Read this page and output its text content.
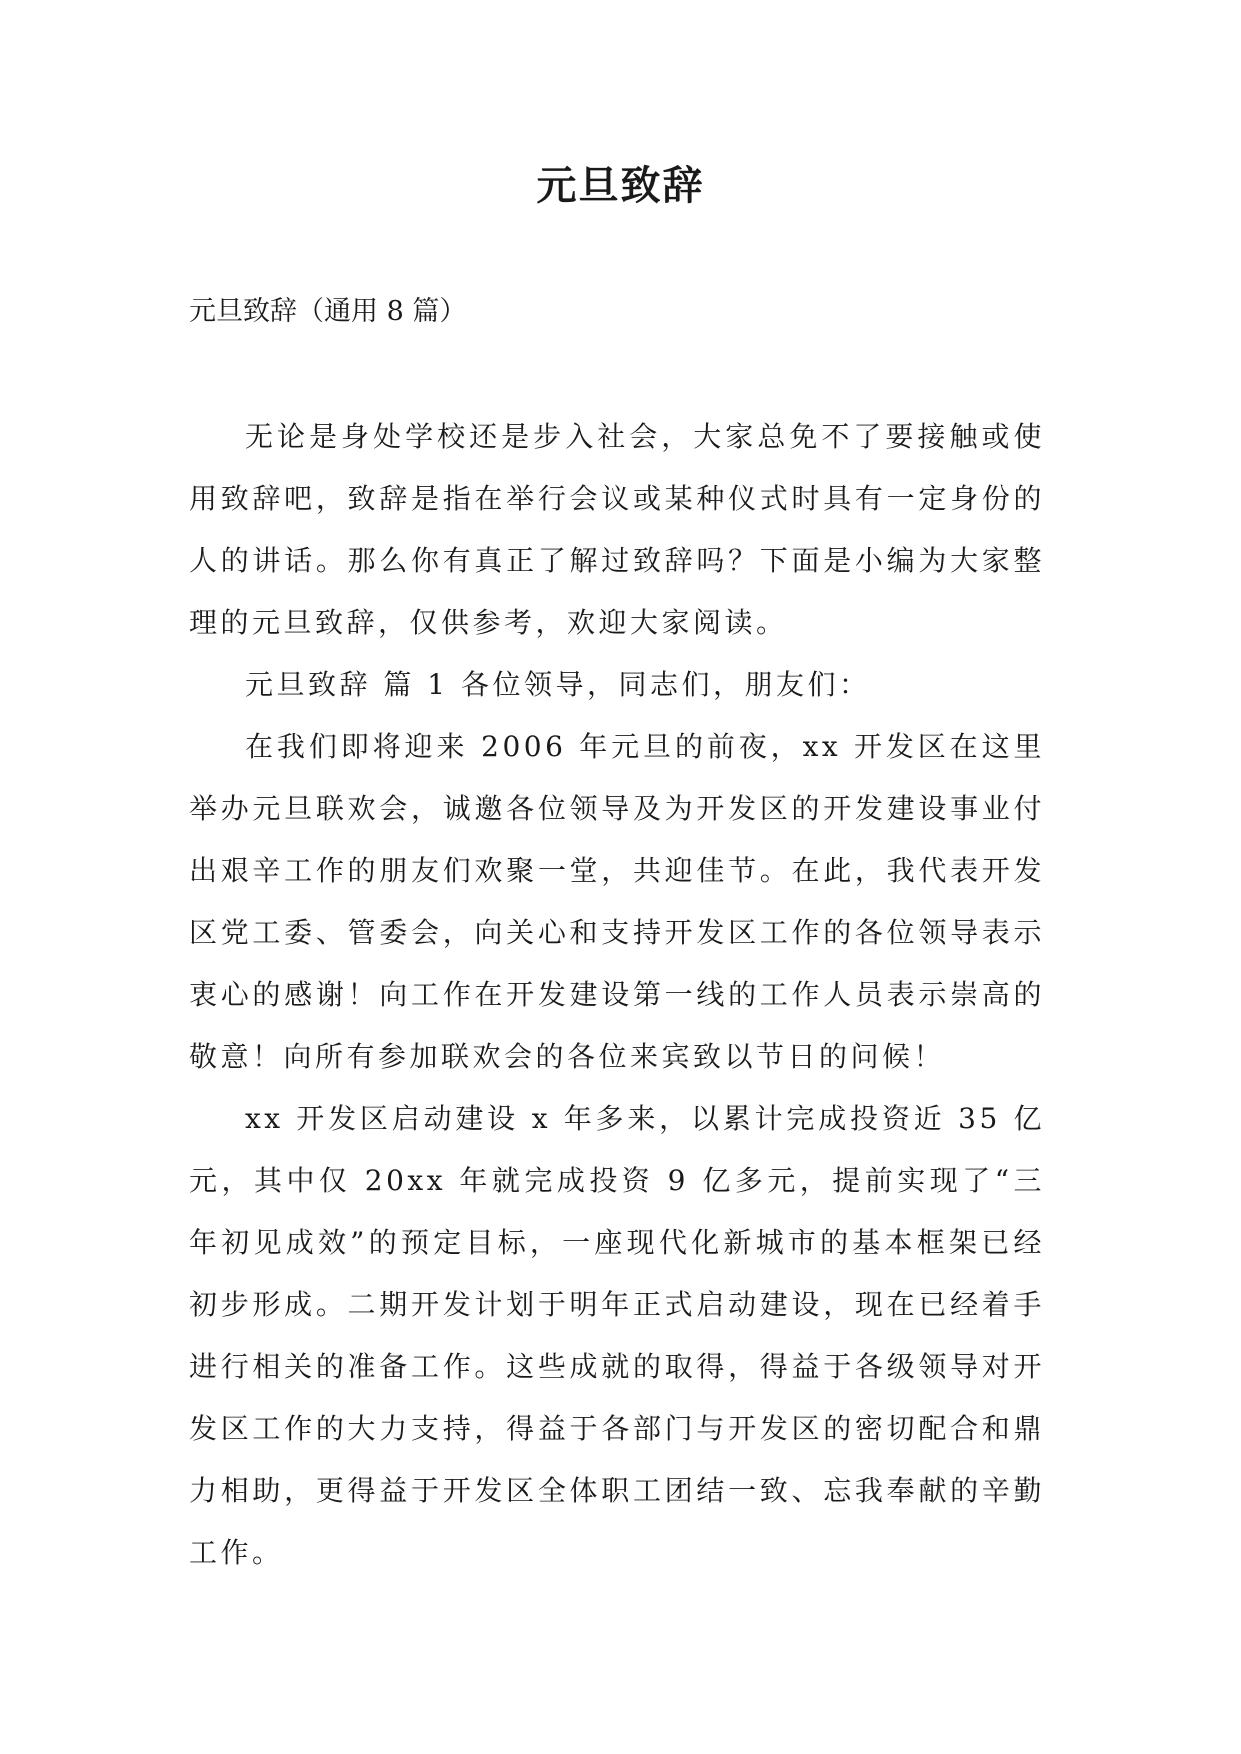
元旦致辞
元旦致辞（通用 8 篇）

无论是身处学校还是步入社会，大家总免不了要接触或使用致辞吧，致辞是指在举行会议或某种仪式时具有一定身份的人的讲话。那么你有真正了解过致辞吗？下面是小编为大家整理的元旦致辞，仅供参考，欢迎大家阅读。

元旦致辞 篇 1 各位领导，同志们，朋友们：

在我们即将迎来 2006 年元旦的前夜，xx 开发区在这里举办元旦联欢会，诚邀各位领导及为开发区的开发建设事业付出艰辛工作的朋友们欢聚一堂，共迎佳节。在此，我代表开发区党工委、管委会，向关心和支持开发区工作的各位领导表示衷心的感谢！向工作在开发建设第一线的工作人员表示崇高的敬意！向所有参加联欢会的各位来宾致以节日的问候！

xx 开发区启动建设 x 年多来，以累计完成投资近 35 亿元，其中仅 20xx 年就完成投资 9 亿多元，提前实现了“三年初见成效”的预定目标，一座现代化新城市的基本框架已经初步形成。二期开发计划于明年正式启动建设，现在已经着手进行相关的准备工作。这些成就的取得，得益于各级领导对开发区工作的大力支持，得益于各部门与开发区的密切配合和鼎力相助，更得益于开发区全体职工团结一致、忘我奉献的辛勤工作。
